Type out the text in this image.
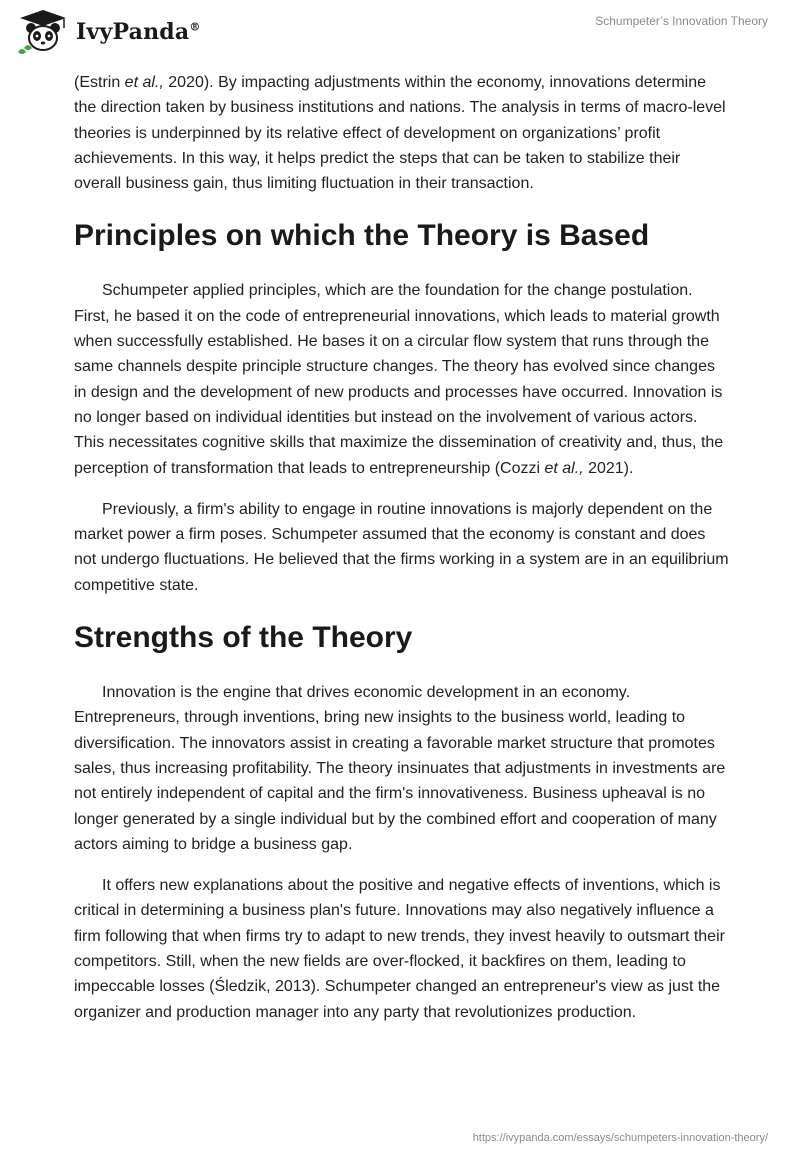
IvyPanda®	Schumpeter’s Innovation Theory

(Estrin et al., 2020). By impacting adjustments within the economy, innovations determine the direction taken by business institutions and nations. The analysis in terms of macro-level theories is underpinned by its relative effect of development on organizations’ profit achievements. In this way, it helps predict the steps that can be taken to stabilize their overall business gain, thus limiting fluctuation in their transaction.

Principles on which the Theory is Based

Schumpeter applied principles, which are the foundation for the change postulation. First, he based it on the code of entrepreneurial innovations, which leads to material growth when successfully established. He bases it on a circular flow system that runs through the same channels despite principle structure changes. The theory has evolved since changes in design and the development of new products and processes have occurred. Innovation is no longer based on individual identities but instead on the involvement of various actors. This necessitates cognitive skills that maximize the dissemination of creativity and, thus, the perception of transformation that leads to entrepreneurship (Cozzi et al., 2021).

Previously, a firm's ability to engage in routine innovations is majorly dependent on the market power a firm poses. Schumpeter assumed that the economy is constant and does not undergo fluctuations. He believed that the firms working in a system are in an equilibrium competitive state.

Strengths of the Theory

Innovation is the engine that drives economic development in an economy. Entrepreneurs, through inventions, bring new insights to the business world, leading to diversification. The innovators assist in creating a favorable market structure that promotes sales, thus increasing profitability. The theory insinuates that adjustments in investments are not entirely independent of capital and the firm's innovativeness. Business upheaval is no longer generated by a single individual but by the combined effort and cooperation of many actors aiming to bridge a business gap.

It offers new explanations about the positive and negative effects of inventions, which is critical in determining a business plan's future. Innovations may also negatively influence a firm following that when firms try to adapt to new trends, they invest heavily to outsmart their competitors. Still, when the new fields are over-flocked, it backfires on them, leading to impeccable losses (Śledzik, 2013). Schumpeter changed an entrepreneur's view as just the organizer and production manager into any party that revolutionizes production.

https://ivypanda.com/essays/schumpeters-innovation-theory/
